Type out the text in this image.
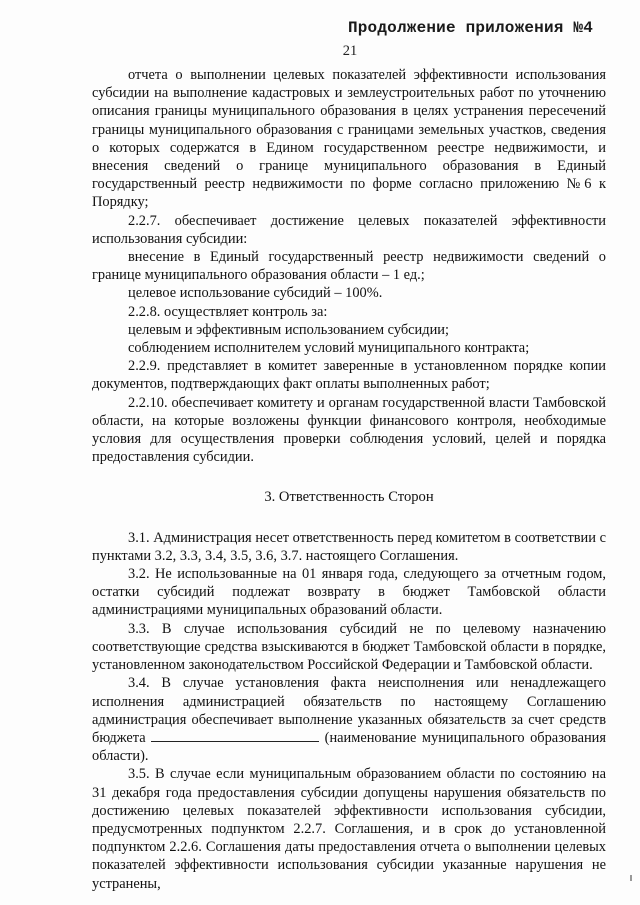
Продолжение приложения №4
21

отчета о выполнении целевых показателей эффективности использования субсидии на выполнение кадастровых и землеустроительных работ по уточнению описания границы муниципального образования в целях устранения пересечений границы муниципального образования с границами земельных участков, сведения о которых содержатся в Едином государственном реестре недвижимости, и внесения сведений о границе муниципального образования в Единый государственный реестр недвижимости по форме согласно приложению №6 к Порядку;

2.2.7. обеспечивает достижение целевых показателей эффективности использования субсидии:

внесение в Единый государственный реестр недвижимости сведений о границе муниципального образования области – 1 ед.;

целевое использование субсидий – 100%.

2.2.8. осуществляет контроль за:

целевым и эффективным использованием субсидии;

соблюдением исполнителем условий муниципального контракта;

2.2.9. представляет в комитет заверенные в установленном порядке копии документов, подтверждающих факт оплаты выполненных работ;

2.2.10. обеспечивает комитету и органам государственной власти Тамбовской области, на которые возложены функции финансового контроля, необходимые условия для осуществления проверки соблюдения условий, целей и порядка предоставления субсидии.

3. Ответственность Сторон

3.1. Администрация несет ответственность перед комитетом в соответствии с пунктами 3.2, 3.3, 3.4, 3.5, 3.6, 3.7. настоящего Соглашения.

3.2. Не использованные на 01 января года, следующего за отчетным годом, остатки субсидий подлежат возврату в бюджет Тамбовской области администрациями муниципальных образований области.

3.3. В случае использования субсидий не по целевому назначению соответствующие средства взыскиваются в бюджет Тамбовской области в порядке, установленном законодательством Российской Федерации и Тамбовской области.

3.4. В случае установления факта неисполнения или ненадлежащего исполнения администрацией обязательств по настоящему Соглашению администрация обеспечивает выполнение указанных обязательств за счет средств бюджета	(наименование муниципального образования области).

3.5. В случае если муниципальным образованием области по состоянию на 31 декабря года предоставления субсидии допущены нарушения обязательств по достижению целевых показателей эффективности использования субсидии, предусмотренных подпунктом 2.2.7. Соглашения, и в срок до установленной подпунктом 2.2.6. Соглашения даты предоставления отчета о выполнении целевых показателей эффективности использования субсидии указанные нарушения не устранены,
